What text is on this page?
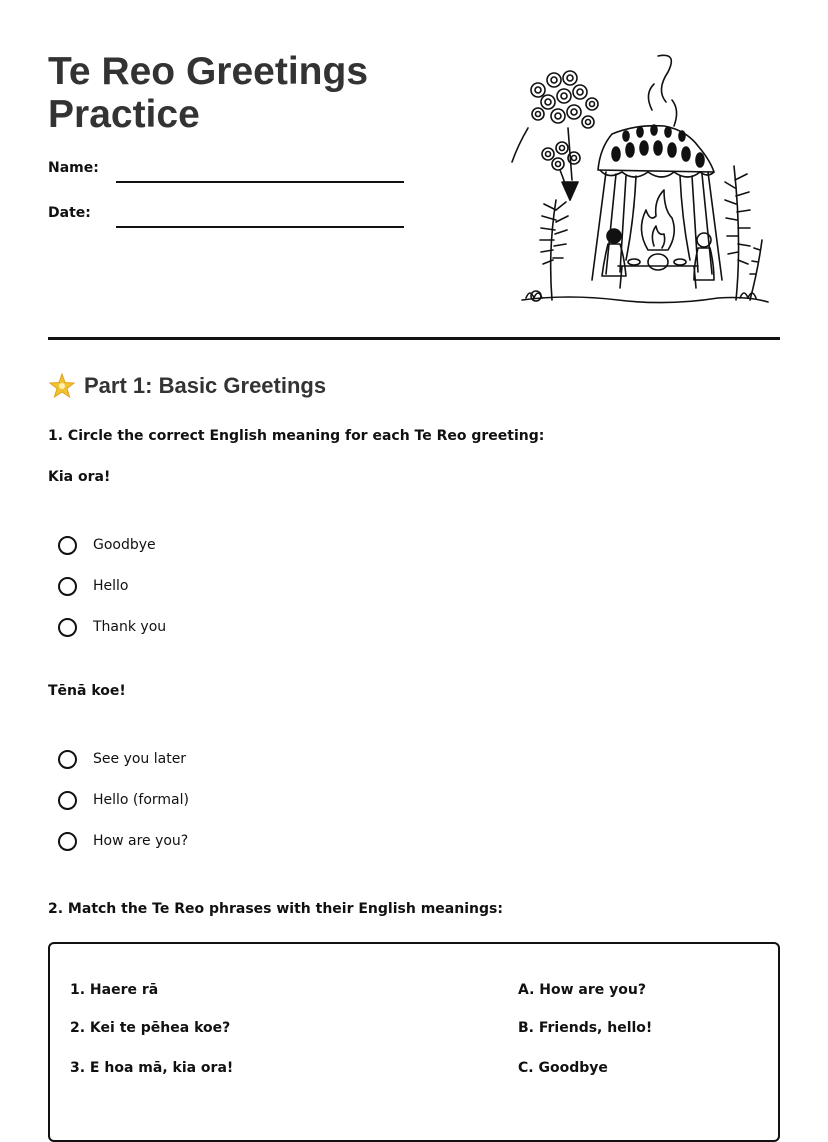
Te Reo Greetings
Practice
Name:
Date:
Part 1: Basic Greetings
1. Circle the correct English meaning for each Te Reo greeting:
Kia ora!
Goodbye
Hello
Thank you
Tēnā koe!
See you later
Hello (formal)
How are you?
2. Match the Te Reo phrases with their English meanings:
1. Haere rā
2. Kei te pēhea koe?
3. E hoa mā, kia ora!
A. How are you?
B. Friends, hello!
C. Goodbye
